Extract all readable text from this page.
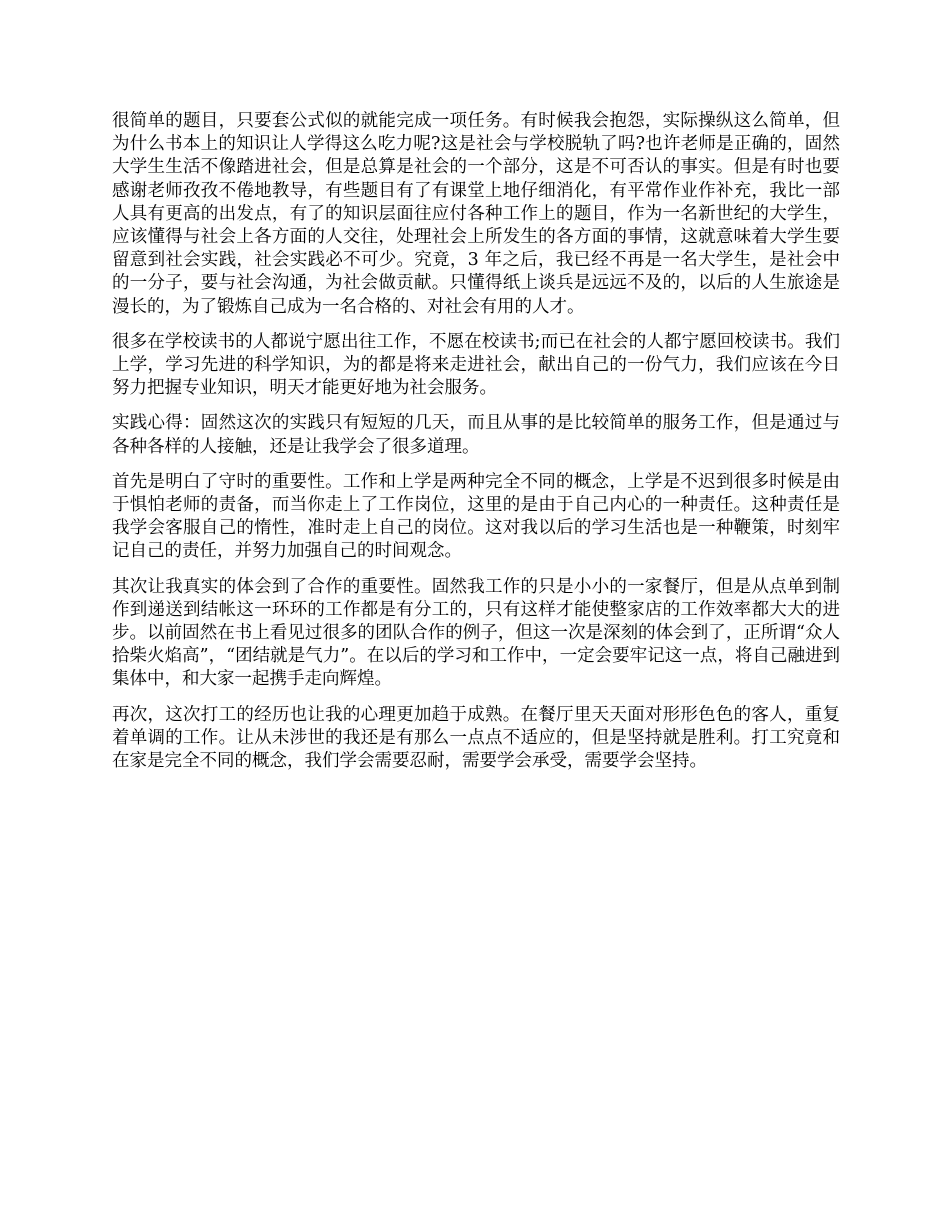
很简单的题目，只要套公式似的就能完成一项任务。有时候我会抱怨，实际操纵这么简单，但为什么书本上的知识让人学得这么吃力呢?这是社会与学校脱轨了吗?也许老师是正确的，固然大学生生活不像踏进社会，但是总算是社会的一个部分，这是不可否认的事实。但是有时也要感谢老师孜孜不倦地教导，有些题目有了有课堂上地仔细消化，有平常作业作补充，我比一部人具有更高的出发点，有了的知识层面往应付各种工作上的题目，作为一名新世纪的大学生，应该懂得与社会上各方面的人交往，处理社会上所发生的各方面的事情，这就意味着大学生要留意到社会实践，社会实践必不可少。究竟，3 年之后，我已经不再是一名大学生，是社会中的一分子，要与社会沟通，为社会做贡献。只懂得纸上谈兵是远远不及的，以后的人生旅途是漫长的，为了锻炼自己成为一名合格的、对社会有用的人才。

很多在学校读书的人都说宁愿出往工作，不愿在校读书;而已在社会的人都宁愿回校读书。我们上学，学习先进的科学知识，为的都是将来走进社会，献出自己的一份气力，我们应该在今日努力把握专业知识，明天才能更好地为社会服务。

实践心得：固然这次的实践只有短短的几天，而且从事的是比较简单的服务工作，但是通过与各种各样的人接触，还是让我学会了很多道理。

首先是明白了守时的重要性。工作和上学是两种完全不同的概念，上学是不迟到很多时候是由于惧怕老师的责备，而当你走上了工作岗位，这里的是由于自己内心的一种责任。这种责任是我学会客服自己的惰性，准时走上自己的岗位。这对我以后的学习生活也是一种鞭策，时刻牢记自己的责任，并努力加强自己的时间观念。

其次让我真实的体会到了合作的重要性。固然我工作的只是小小的一家餐厅，但是从点单到制作到递送到结帐这一环环的工作都是有分工的，只有这样才能使整家店的工作效率都大大的进步。以前固然在书上看见过很多的团队合作的例子，但这一次是深刻的体会到了，正所谓“众人拾柴火焰高”，“团结就是气力”。在以后的学习和工作中，一定会要牢记这一点，将自己融进到集体中，和大家一起携手走向辉煌。

再次，这次打工的经历也让我的心理更加趋于成熟。在餐厅里天天面对形形色色的客人，重复着单调的工作。让从未涉世的我还是有那么一点点不适应的，但是坚持就是胜利。打工究竟和在家是完全不同的概念，我们学会需要忍耐，需要学会承受，需要学会坚持。
